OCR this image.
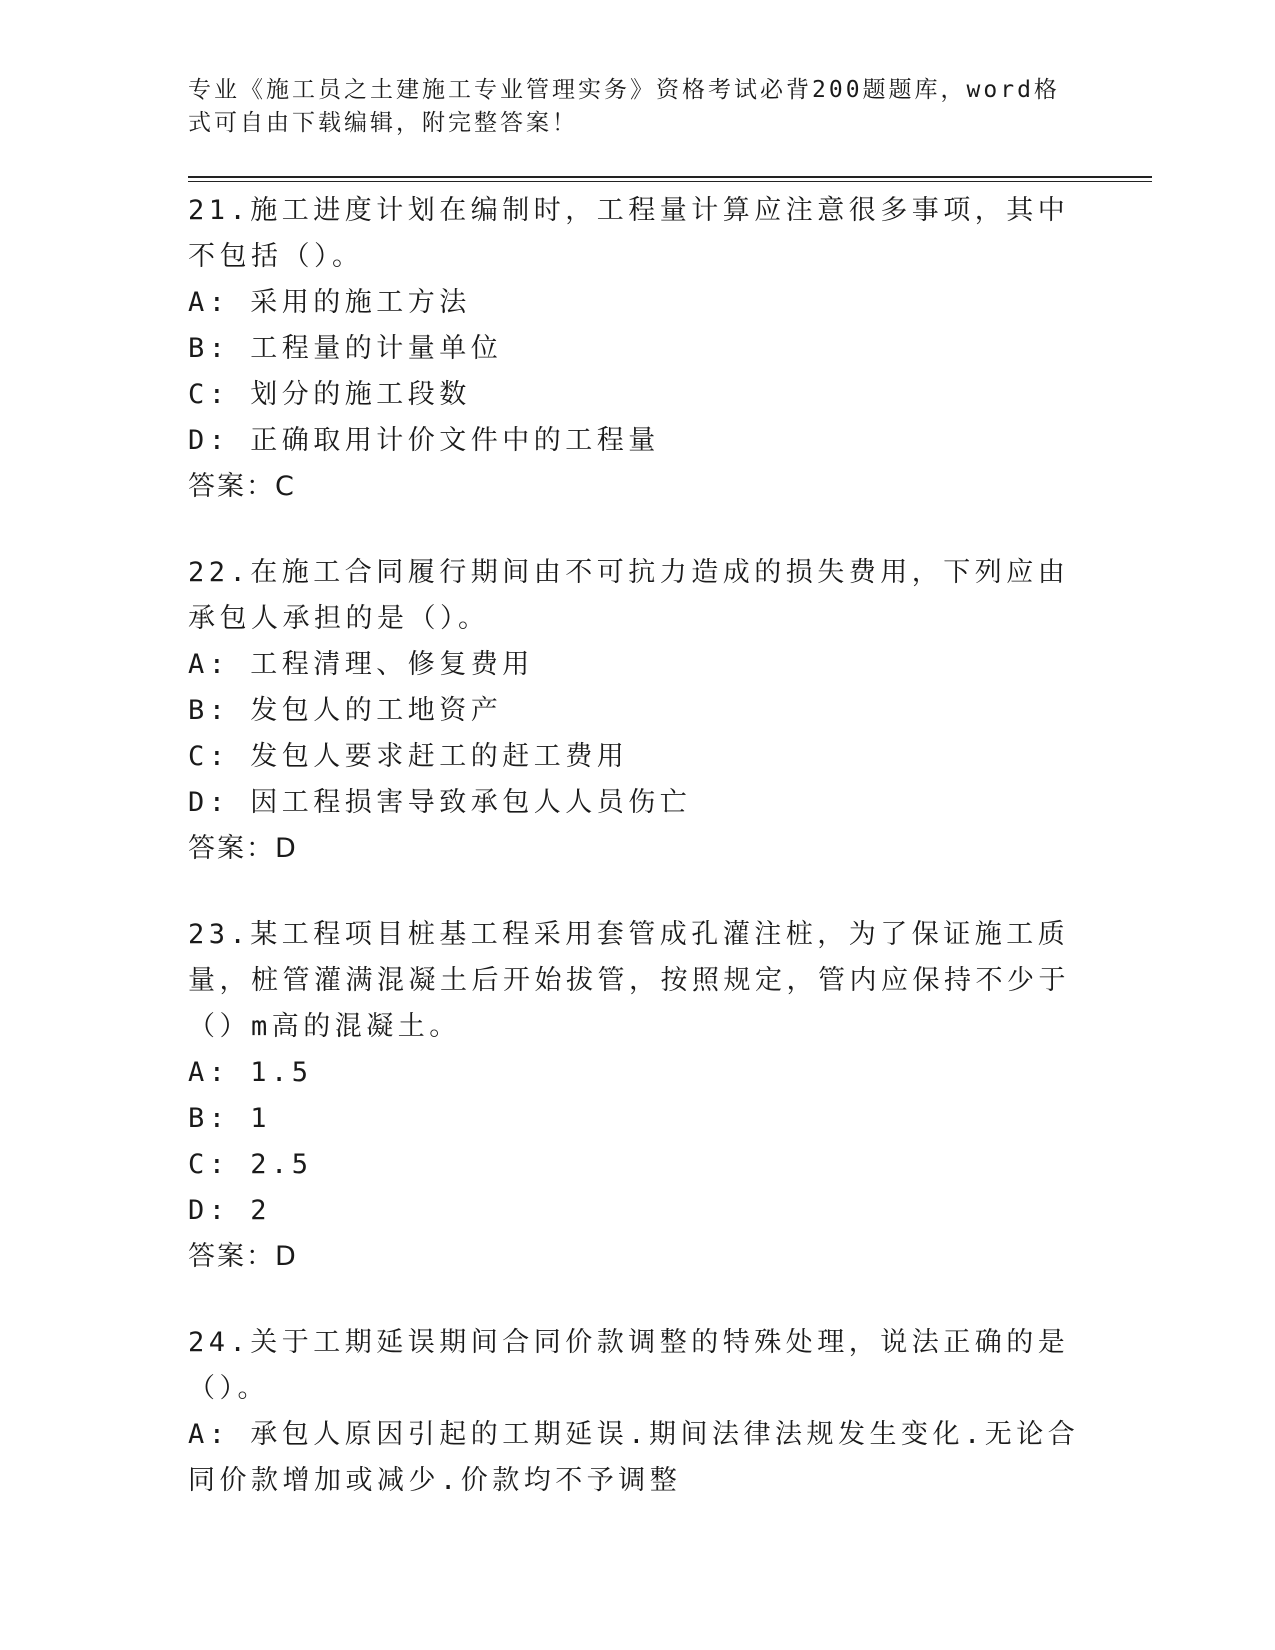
专业《施工员之土建施工专业管理实务》资格考试必背200题题库，word格式可自由下载编辑，附完整答案！
21.施工进度计划在编制时，工程量计算应注意很多事项，其中不包括（）。
A: 采用的施工方法
B: 工程量的计量单位
C: 划分的施工段数
D: 正确取用计价文件中的工程量
答案：C
22.在施工合同履行期间由不可抗力造成的损失费用，下列应由承包人承担的是（）。
A: 工程清理、修复费用
B: 发包人的工地资产
C: 发包人要求赶工的赶工费用
D: 因工程损害导致承包人人员伤亡
答案：D
23.某工程项目桩基工程采用套管成孔灌注桩，为了保证施工质量，桩管灌满混凝土后开始拔管，按照规定，管内应保持不少于（）m高的混凝土。
A: 1.5
B: 1
C: 2.5
D: 2
答案：D
24.关于工期延误期间合同价款调整的特殊处理，说法正确的是（）。
A: 承包人原因引起的工期延误.期间法律法规发生变化.无论合同价款增加或减少.价款均不予调整
